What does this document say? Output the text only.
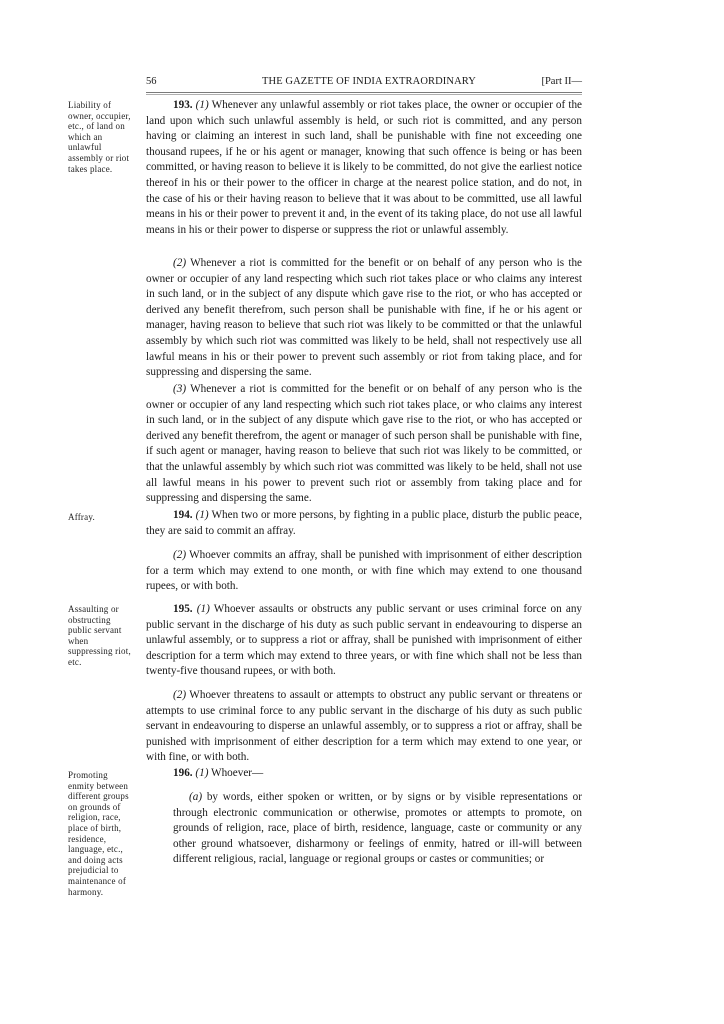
56	THE GAZETTE OF INDIA EXTRAORDINARY	[Part II—
Liability of owner, occupier, etc., of land on which an unlawful assembly or riot takes place.
Affray.
Assaulting or obstructing public servant when suppressing riot, etc.
Promoting enmity between different groups on grounds of religion, race, place of birth, residence, language, etc., and doing acts prejudicial to maintenance of harmony.
193. (1) Whenever any unlawful assembly or riot takes place, the owner or occupier of the land upon which such unlawful assembly is held, or such riot is committed, and any person having or claiming an interest in such land, shall be punishable with fine not exceeding one thousand rupees, if he or his agent or manager, knowing that such offence is being or has been committed, or having reason to believe it is likely to be committed, do not give the earliest notice thereof in his or their power to the officer in charge at the nearest police station, and do not, in the case of his or their having reason to believe that it was about to be committed, use all lawful means in his or their power to prevent it and, in the event of its taking place, do not use all lawful means in his or their power to disperse or suppress the riot or unlawful assembly.
(2) Whenever a riot is committed for the benefit or on behalf of any person who is the owner or occupier of any land respecting which such riot takes place or who claims any interest in such land, or in the subject of any dispute which gave rise to the riot, or who has accepted or derived any benefit therefrom, such person shall be punishable with fine, if he or his agent or manager, having reason to believe that such riot was likely to be committed or that the unlawful assembly by which such riot was committed was likely to be held, shall not respectively use all lawful means in his or their power to prevent such assembly or riot from taking place, and for suppressing and dispersing the same.
(3) Whenever a riot is committed for the benefit or on behalf of any person who is the owner or occupier of any land respecting which such riot takes place, or who claims any interest in such land, or in the subject of any dispute which gave rise to the riot, or who has accepted or derived any benefit therefrom, the agent or manager of such person shall be punishable with fine, if such agent or manager, having reason to believe that such riot was likely to be committed, or that the unlawful assembly by which such riot was committed was likely to be held, shall not use all lawful means in his power to prevent such riot or assembly from taking place and for suppressing and dispersing the same.
194. (1) When two or more persons, by fighting in a public place, disturb the public peace, they are said to commit an affray.
(2) Whoever commits an affray, shall be punished with imprisonment of either description for a term which may extend to one month, or with fine which may extend to one thousand rupees, or with both.
195. (1) Whoever assaults or obstructs any public servant or uses criminal force on any public servant in the discharge of his duty as such public servant in endeavouring to disperse an unlawful assembly, or to suppress a riot or affray, shall be punished with imprisonment of either description for a term which may extend to three years, or with fine which shall not be less than twenty-five thousand rupees, or with both.
(2) Whoever threatens to assault or attempts to obstruct any public servant or threatens or attempts to use criminal force to any public servant in the discharge of his duty as such public servant in endeavouring to disperse an unlawful assembly, or to suppress a riot or affray, shall be punished with imprisonment of either description for a term which may extend to one year, or with fine, or with both.
196. (1) Whoever—
(a) by words, either spoken or written, or by signs or by visible representations or through electronic communication or otherwise, promotes or attempts to promote, on grounds of religion, race, place of birth, residence, language, caste or community or any other ground whatsoever, disharmony or feelings of enmity, hatred or ill-will between different religious, racial, language or regional groups or castes or communities; or
